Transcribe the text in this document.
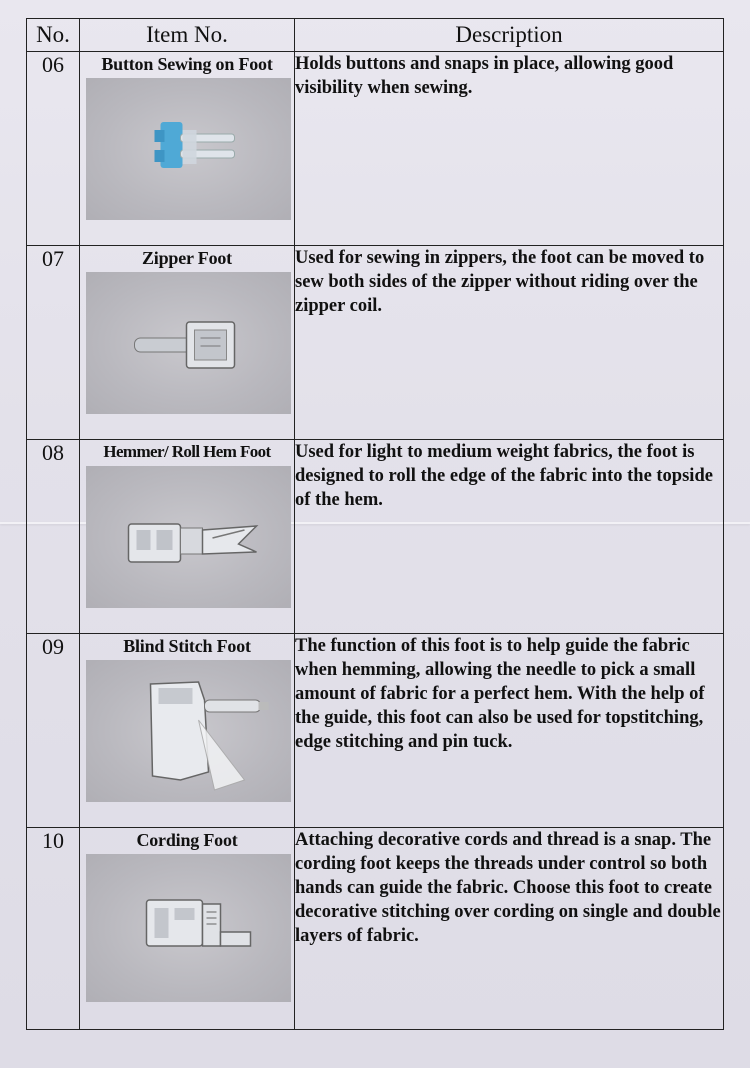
No.	Item No.	Description
06	Button Sewing on Foot	Holds buttons and snaps in place, allowing good visibility when sewing.
07	Zipper Foot	Used for sewing in zippers, the foot can be moved to sew both sides of the zipper without riding over the zipper coil.
08	Hemmer/ Roll Hem Foot	Used for light to medium weight fabrics, the foot is designed to roll the edge of the fabric into the topside of the hem.
09	Blind Stitch Foot	The function of this foot is to help guide the fabric when hemming, allowing the needle to pick a small amount of fabric for a perfect hem. With the help of the guide, this foot can also be used for topstitching, edge stitching and pin tuck.
10	Cording Foot	Attaching decorative cords and thread is a snap. The cording foot keeps the threads under control so both hands can guide the fabric. Choose this foot to create decorative stitching over cording on single and double layers of fabric.
